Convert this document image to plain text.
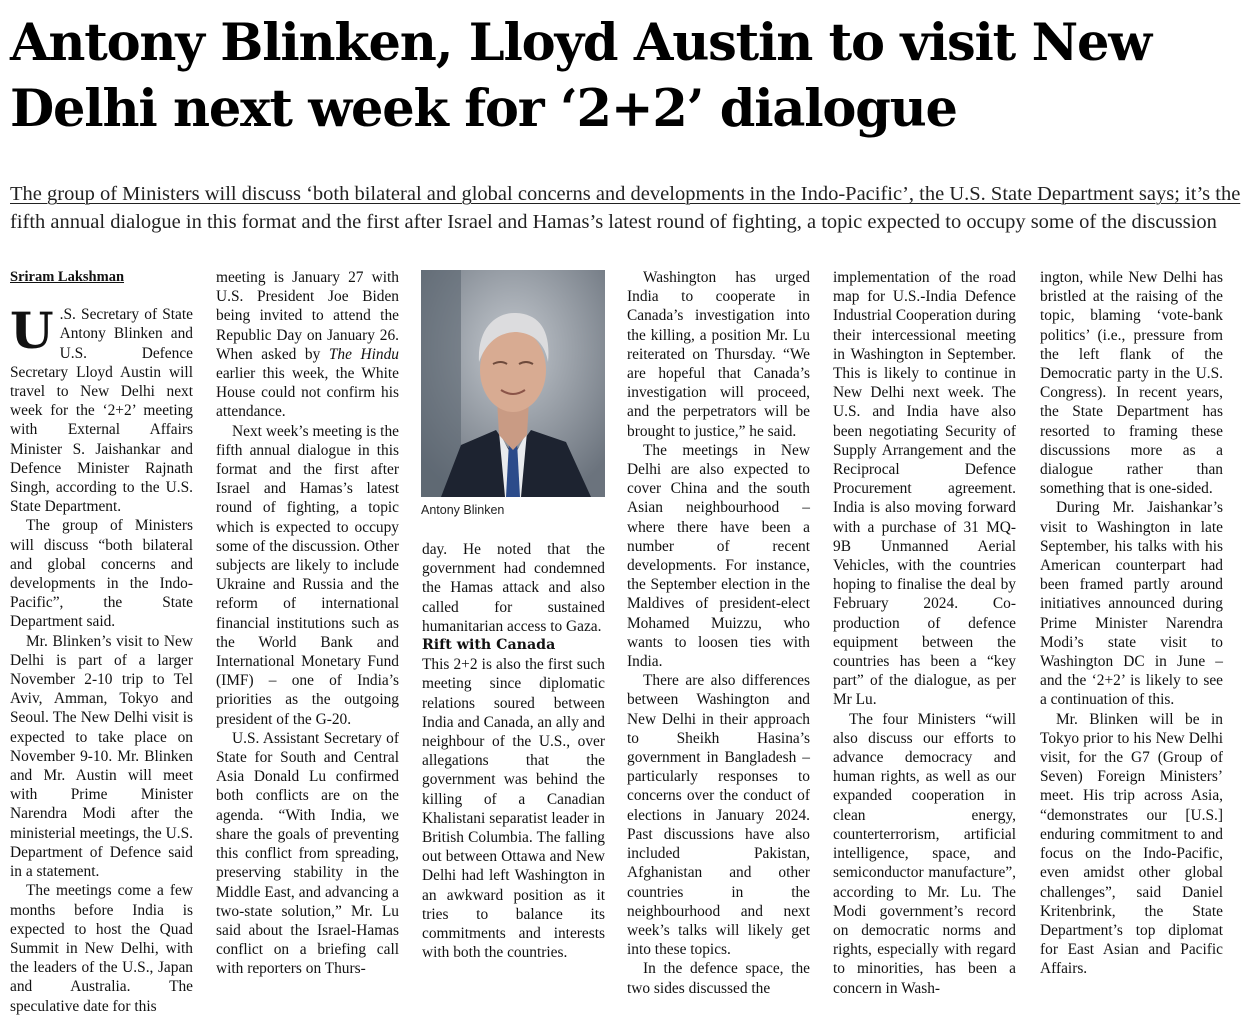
Antony Blinken, Lloyd Austin to visit New Delhi next week for ‘2+2’ dialogue
The group of Ministers will discuss ‘both bilateral and global concerns and developments in the Indo-Pacific’, the U.S. State Department says; it’s the
fifth annual dialogue in this format and the first after Israel and Hamas’s latest round of fighting, a topic expected to occupy some of the discussion
Sriram Lakshman

U .S. Secretary of State Antony Blinken and U.S. Defence Secretary Lloyd Austin will travel to New Delhi next week for the ‘2+2’ meeting with External Affairs Minister S. Jaishankar and Defence Minister Rajnath Singh, according to the U.S. State Department.

The group of Ministers will discuss “both bilateral and global concerns and developments in the Indo-Pacific”, the State Department said.

Mr. Blinken’s visit to New Delhi is part of a larger November 2-10 trip to Tel Aviv, Amman, Tokyo and Seoul. The New Delhi visit is expected to take place on November 9-10. Mr. Blinken and Mr. Austin will meet with Prime Minister Narendra Modi after the ministerial meetings, the U.S. Department of Defence said in a statement.

The meetings come a few months before India is expected to host the Quad Summit in New Delhi, with the leaders of the U.S., Japan and Australia. The speculative date for this

meeting is January 27 with U.S. President Joe Biden being invited to attend the Republic Day on January 26. When asked by The Hindu earlier this week, the White House could not confirm his attendance.

Next week’s meeting is the fifth annual dialogue in this format and the first after Israel and Hamas’s latest round of fighting, a topic which is expected to occupy some of the discussion. Other subjects are likely to include Ukraine and Russia and the reform of international financial institutions such as the World Bank and International Monetary Fund (IMF) – one of India’s priorities as the outgoing president of the G-20.

U.S. Assistant Secretary of State for South and Central Asia Donald Lu confirmed both conflicts are on the agenda. “With India, we share the goals of preventing this conflict from spreading, preserving stability in the Middle East, and advancing a two-state solution,” Mr. Lu said about the Israel-Hamas conflict on a briefing call with reporters on Thurs-

Antony Blinken

day. He noted that the government had condemned the Hamas attack and also called for sustained humanitarian access to Gaza.

Rift with Canada

This 2+2 is also the first such meeting since diplomatic relations soured between India and Canada, an ally and neighbour of the U.S., over allegations that the government was behind the killing of a Canadian Khalistani separatist leader in British Columbia. The falling out between Ottawa and New Delhi had left Washington in an awkward position as it tries to balance its commitments and interests with both the countries.

Washington has urged India to cooperate in Canada’s investigation into the killing, a position Mr. Lu reiterated on Thursday. “We are hopeful that Canada’s investigation will proceed, and the perpetrators will be brought to justice,” he said.

The meetings in New Delhi are also expected to cover China and the south Asian neighbourhood – where there have been a number of recent developments. For instance, the September election in the Maldives of president-elect Mohamed Muizzu, who wants to loosen ties with India.

There are also differences between Washington and New Delhi in their approach to Sheikh Hasina’s government in Bangladesh – particularly responses to concerns over the conduct of elections in January 2024. Past discussions have also included Pakistan, Afghanistan and other countries in the neighbourhood and next week’s talks will likely get into these topics.

In the defence space, the two sides discussed the

implementation of the road map for U.S.-India Defence Industrial Cooperation during their intercessional meeting in Washington in September. This is likely to continue in New Delhi next week. The U.S. and India have also been negotiating Security of Supply Arrangement and the Reciprocal Defence Procurement agreement. India is also moving forward with a purchase of 31 MQ-9B Unmanned Aerial Vehicles, with the countries hoping to finalise the deal by February 2024. Co-production of defence equipment between the countries has been a “key part” of the dialogue, as per Mr Lu.

The four Ministers “will also discuss our efforts to advance democracy and human rights, as well as our expanded cooperation in clean energy, counterterrorism, artificial intelligence, space, and semiconductor manufacture”, according to Mr. Lu. The Modi government’s record on democratic norms and rights, especially with regard to minorities, has been a concern in Wash-

ington, while New Delhi has bristled at the raising of the topic, blaming ‘vote-bank politics’ (i.e., pressure from the left flank of the Democratic party in the U.S. Congress). In recent years, the State Department has resorted to framing these discussions more as a dialogue rather than something that is one-sided.

During Mr. Jaishankar’s visit to Washington in late September, his talks with his American counterpart had been framed partly around initiatives announced during Prime Minister Narendra Modi’s state visit to Washington DC in June – and the ‘2+2’ is likely to see a continuation of this.

Mr. Blinken will be in Tokyo prior to his New Delhi visit, for the G7 (Group of Seven) Foreign Ministers’ meet. His trip across Asia, “demonstrates our [U.S.] enduring commitment to and focus on the Indo-Pacific, even amidst other global challenges”, said Daniel Kritenbrink, the State Department’s top diplomat for East Asian and Pacific Affairs.
